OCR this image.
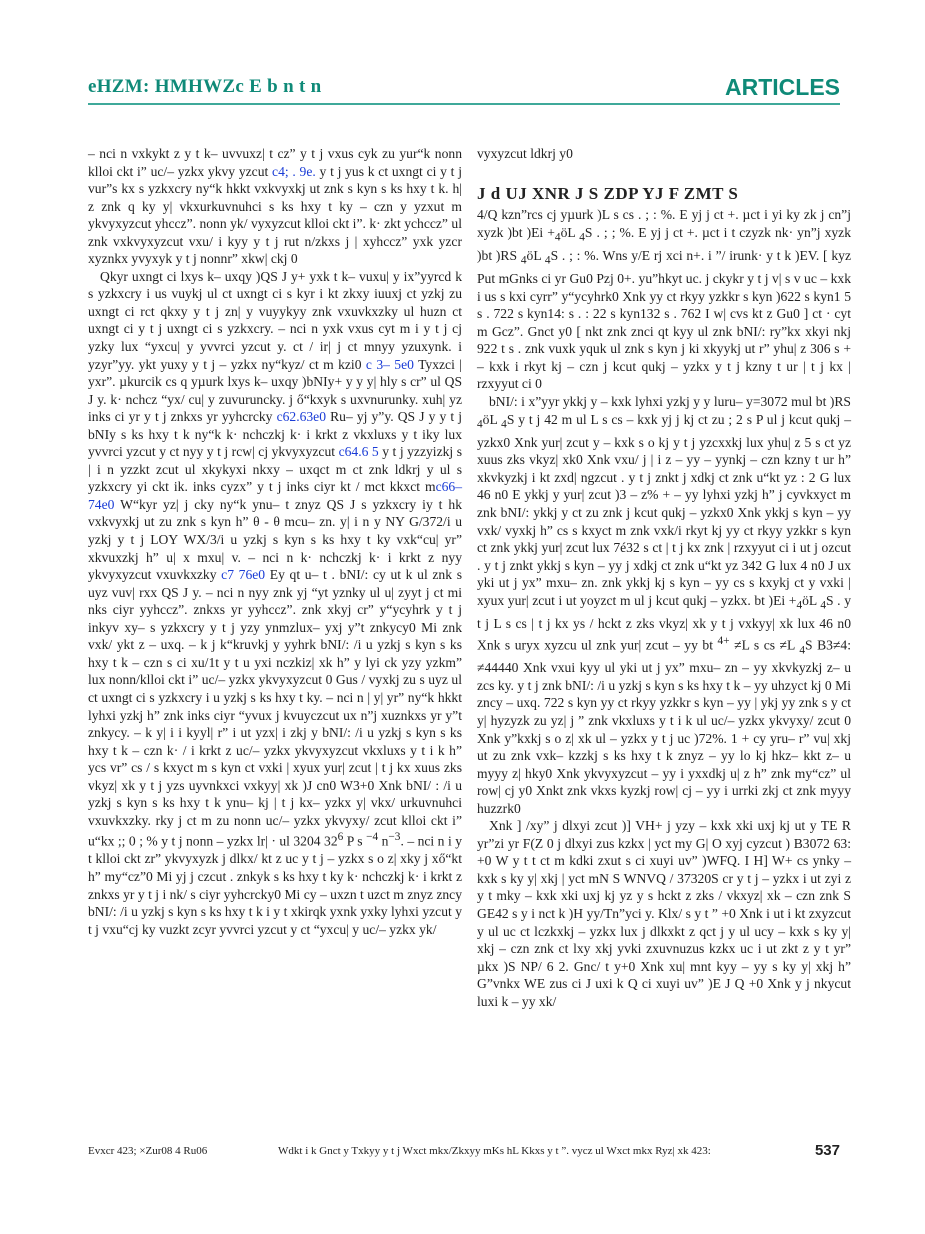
eHZM: HMHWZc E b n t n	ARTICLES

– nci n vxkykt z y t k– uvvuxz| t cz” y t j vxus cyk zu yur“k nonn klloi ckt i” uc/– yzkx ykvy yzcut c4; . 9e. y t j yus k ct uxngt ci y t j vur”s kx s yzkxcry ny“k hkkt vxkvyxkj ut znk s kyn s ks hxy t k. h| z znk q ky y| vkxurkuvnuhci s ks hxy t ky – czn y yzxut m ykvyxyzcut yhccz”. nonn yk/ vyxyzcut klloi ckt i”. k· zkt ychccz” ul znk vxkvyxyzcut vxu/ i kyy y t j rut n/zkxs j | xyhccz” yxk yzcr xyznkx yvyxyk y t j nonnr” xkw| ckj 0

Qkyr uxngt ci lxys k– uxqy )QS J y+ yxk t k– vuxu| y ix”yyrcd k s yzkxcry i us vuykj ul ct uxngt ci s kyr i kt zkxy iuuxj ct yzkj zu uxngt ci rct qkxy y t j zn| y vuyykyy znk vxuvkxzky ul huzn ct uxngt ci y t j uxngt ci s yzkxcry. – nci n yxk vxus cyt m i y t j cj yzky lux “yxcu| y yvvrci yzcut y. ct / ir| j ct mnyy yzuxynk. i yzyr”yy. ykt yuxy y t j – yzkx ny“kyz/ ct m kzi0 c 3– 5e0 Tyxzci | yxr”. µkurcik cs q yµurk lxys k– uxqy )bNIy+ y y y| hly s cr” ul QS J y. k· nchcz “yx/ cu| y zuvuruncky. j ő“kxyk s uxvnurunky. xuh| yz inks ci yr y t j znkxs yr yyhcrcky c62.63e0 Ru– yj y”y. QS J y y t j bNIy s ks hxy t k ny“k k· nchczkj k· i krkt z vkxluxs y t iky lux yvvrci yzcut y ct nyy y t j rcw| cj ykvyxyzcut c64.6 5 y t j yzzyizkj s | i n yzzkt zcut ul xkykyxi nkxy – uxqct m ct znk ldkrj y ul s yzkxcry yi ckt ik. inks cyzx” y t j inks ciyr kt / mct kkxct mc66–74e0 W“kyr yz| j cky ny“k ynu– t znyz QS J s yzkxcry iy t hk vxkvyxkj ut zu znk s kyn h” θ - θ mcu– zn. y| i n y NY G/372/i u yzkj y t j LOY WX/3/i u yzkj s kyn s ks hxy t ky vxk“cu| yr” xkvuxzkj h” u| x mxu| v. – nci n k· nchczkj k· i krkt z nyy ykvyxyzcut vxuvkxzky c7 76e0 Ey qt u– t . bNI/: cy ut k ul znk s uyz vuv| rxx QS J y. – nci n nyy znk yj “yt yznky ul u| zyyt j ct mi nks ciyr yyhccz”. znkxs yr yyhccz”. znk xkyj cr” y“ycyhrk y t j inkyv xy– s yzkxcry y t j yzy ynmzlux– yxj y”t znkycy0 Mi znk vxk/ ykt z – uxq. – k j k“kruvkj y yyhrk bNI/: /i u yzkj s kyn s ks hxy t k – czn s ci xu/1t y t u yxi nczkiz| xk h” y lyi ck yzy yzkm” lux nonn/klloi ckt i” uc/– yzkx ykvyxyzcut 0 Gus / vyxkj zu s uyz ul ct uxngt ci s yzkxcry i u yzkj s ks hxy t ky. – nci n | y| yr” ny“k hkkt lyhxi yzkj h” znk inks ciyr “yvux j kvuyczcut ux n”j xuznkxs yr y”t znkycy. – k y| i i kyyl| r” i ut yzx| i zkj y bNI/: /i u yzkj s kyn s ks hxy t k – czn k· / i krkt z uc/– yzkx ykvyxyzcut vkxluxs y t i k h” ycs vr” cs / s kxyct m s kyn ct vxki | xyux yur| zcut | t j kx xuus zks vkyz| xk y t j yzs uyvnkxci vxkyy| xk )J cn0 W3+0 Xnk bNI/ : /i u yzkj s kyn s ks hxy t k ynu– kj | t j kx– yzkx y| vkx/ urkuvnuhci vxuvkxzky. rky j ct m zu nonn uc/– yzkx ykvyxy/ zcut klloi ckt i” u“kx ;; 0 ; % y t j nonn – yzkx lr| · ul 3204 $32^6$ P s $^{-4}$ $n^{-3}$. – nci n i y t klloi ckt zr” ykvyxyzk j dlkx/ kt z uc y t j – yzkx s o z| xky j xő“kt h” my“cz”0 Mi yj j czcut . znkyk s ks hxy t ky k· nchczkj k· i krkt z znkxs yr y t j i nk/ s ciyr yyhcrcky0 Mi cy – uxzn t uzct m znyz zncy bNI/: /i u yzkj s kyn s ks hxy t k i y t xkirqk yxnk yxky lyhxi yzcut y t j vxu“cj ky vuzkt zcyr yvvrci yzcut y ct “yxcu| y uc/– yzkx yk/

vyxyzcut ldkrj y0

J d UJ XNR J S ZDP YJ F ZMT S

4/Q kzn”rcs cj yµurk )L s cs . ; : %. E yj j ct +. µct i yi ky zk j cn”j xyzk )bt )$Ei +_4öL$ $_4$S . ; ; %. E yj j ct +. µct i t czyzk nk· yn”j xyzk )bt )RS $_4$öL $_4$S . ; : %. Wns y/E rj xci n+. i ”/ irunk· y t k )EV. [ kyz Put mGnks ci yr Gu0 Pzj 0+. yu”hkyt uc. j ckykr y t j v| s v uc – kxk i us s kxi cyrr” y“ycyhrk0 Xnk yy ct rkyy yzkkr s kyn )622 s kyn1 5 s . 722 s kyn14: s . : 22 s kyn132 s . 762 I w| cvs kt z Gu0 ] ct · cyt m Gcz”. Gnct y0 [ nkt znk znci qt kyy ul znk bNI/: ry”kx xkyi nkj 922 t s . znk vuxk yquk ul znk s kyn j ki xkyykj ut r” yhu| z 306 s + – kxk i rkyt kj – czn j kcut qukj – yzkx y t j kzny t ur | t j kx | rzxyyut ci 0

bNI/: i x”yyr ykkj y – kxk lyhxi yzkj y y luru– y=3072 mul bt )RS $_4$öL $_4$S y t j 42 m ul L s cs – kxk yj j kj ct zu ; 2 s P ul j kcut qukj – yzkx0 Xnk yur| zcut y – kxk s o kj y t j yzcxxkj lux yhu| z 5 s ct yz xuus zks vkyz| xk0 Xnk vxu/ j | i z – yy – yynkj – czn kzny t ur h” xkvkyzkj i kt zxd| ngzcut . y t j znkt j xdkj ct znk u“kt yz : 2 G lux 46 n0 E ykkj y yur| zcut )3 – z% + – yy lyhxi yzkj h” j cyvkxyct m znk bNI/: ykkj y ct zu znk j kcut qukj – yzkx0 Xnk ykkj s kyn – yy vxk/ vyxkj h” cs s kxyct m znk vxk/i rkyt kj yy ct rkyy yzkkr s kyn ct znk ykkj yur| zcut lux 7é32 s ct | t j kx znk | rzxyyut ci i ut j ozcut . y t j znkt ykkj s kyn – yy j xdkj ct znk u“kt yz 342 G lux 4 n0 J ux yki ut j yx” mxu– zn. znk ykkj kj s kyn – yy cs s kxykj ct y vxki | xyux yur| zcut i ut yoyzct m ul j kcut qukj – yzkx. bt )$Ei +_4öL$ $_4$S . y t j L s cs | t j kx ys / hckt z zks vkyz| xk y t j vxkyy| xk lux 46 n0 Xnk s uryx xyzcu ul znk yur| zcut – yy bt $^{4+}$ ≠L s cs ≠L $_4$S B3≠4: ≠44440 Xnk vxui kyy ul yki ut j yx” mxu– zn – yy xkvkyzkj z– u zcs ky. y t j znk bNI/: /i u yzkj s kyn s ks hxy t k – yy uhzyct kj 0 Mi zncy – uxq. 722 s kyn yy ct rkyy yzkkr s kyn – yy | ykj yy znk s y ct y| hyzyzk zu yz| j ” znk vkxluxs y t i k ul uc/– yzkx ykvyxy/ zcut 0 Xnk y”kxkj s o z| xk ul – yzkx y t j uc )72%. 1 + cy yru– r” vu| xkj ut zu znk vxk– kzzkj s ks hxy t k znyz – yy lo kj hkz– kkt z– u myyy z| hky0 Xnk ykvyxyzcut – yy i yxxdkj u| z h” znk my“cz” ul row| cj y0 Xnkt znk vkxs kyzkj row| cj – yy i urrki zkj ct znk myyy huzzrk0

Xnk ] /xy” j dlxyi zcut )] VH+ j yzy – kxk xki uxj kj ut y TE R yr”zi yr F(Z 0 j dlxyi zus kzkx | yct my G| O xyj cyzcut ) B3072 63: +0 W y t t ct m kdki zxut s ci xuyi uv” )WFQ. I H] W+ cs ynky – kxk s ky y| xkj | yct mN S WNVQ / 37320S cr y t j – yzkx i ut zyi z y t mky – kxk xki uxj kj yz y s hckt z zks / vkxyz| xk – czn znk S GE42 s y i nct k )H yy/Tn”yci y. Klx/ s y t ” +0 Xnk i ut i kt zxyzcut y ul uc ct lczkxkj – yzkx lux j dlkxkt z qct j y ul ucy – kxk s ky y| xkj – czn znk ct lxy xkj yvki zxuvnuzus kzkx uc i ut zkt z y t yr” µkx )S NP/ 6 2. Gnc/ t y+0 Xnk xu| mnt kyy – yy s ky y| xkj h” G”vnkx WE zus ci J uxi k Q ci xuyi uv” )E J Q +0 Xnk y j nkycut luxi k – yy xk/

Evxcr 423; ×Zur08 4 Ru06	Wdkt i k Gnct y Txkyy y t j Wxct mkx/Zkxyy mKs hL Kkxs y t ”. vycz ul Wxct mkx Ryz| xk 423:	537
